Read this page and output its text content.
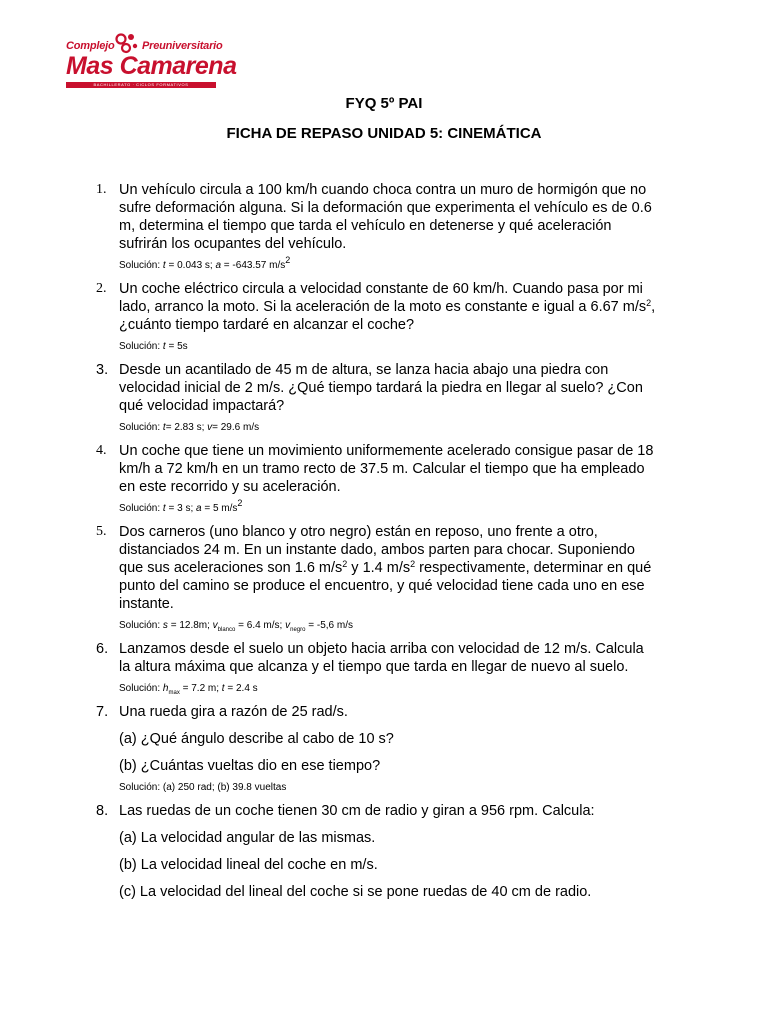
Complejo Preuniversitario
Mas Camarena
BACHILLERATO · CICLOS FORMATIVOS
FYQ 5º PAI
FICHA DE REPASO UNIDAD 5: CINEMÁTICA
1. Un vehículo circula a 100 km/h cuando choca contra un muro de hormigón que no
sufre deformación alguna. Si la deformación que experimenta el vehículo es de 0.6
m, determina el tiempo que tarda el vehículo en detenerse y qué aceleración
sufrirán los ocupantes del vehículo.
Solución: t = 0.043 s; a = -643.57 $m/s^2$
2. Un coche eléctrico circula a velocidad constante de 60 km/h. Cuando pasa por mi
lado, arranco la moto. Si la aceleración de la moto es constante e igual a 6.67 $m/s^2$,
¿cuánto tiempo tardaré en alcanzar el coche?
Solución: t = 5s
3. Desde un acantilado de 45 m de altura, se lanza hacia abajo una piedra con
velocidad inicial de 2 m/s. ¿Qué tiempo tardará la piedra en llegar al suelo? ¿Con
qué velocidad impactará?
Solución: t= 2.83 s; v= 29.6 m/s
4. Un coche que tiene un movimiento uniformemente acelerado consigue pasar de 18
km/h a 72 km/h en un tramo recto de 37.5 m. Calcular el tiempo que ha empleado
en este recorrido y su aceleración.
Solución: t = 3 s; a = 5 $m/s^2$
5. Dos carneros (uno blanco y otro negro) están en reposo, uno frente a otro,
distanciados 24 m. En un instante dado, ambos parten para chocar. Suponiendo
que sus aceleraciones son 1.6 $m/s^2$ y 1.4 $m/s^2$ respectivamente, determinar en qué
punto del camino se produce el encuentro, y qué velocidad tiene cada uno en ese
instante.
Solución: s = 12.8m; $v_{blanco} = 6.4$ m/s; $v_{negro} = -5,6$ m/s
6. Lanzamos desde el suelo un objeto hacia arriba con velocidad de 12 m/s. Calcula
la altura máxima que alcanza y el tiempo que tarda en llegar de nuevo al suelo.
Solución: $h_{max} = 7.2$ m; t = 2.4 s
7. Una rueda gira a razón de 25 rad/s.
(a) ¿Qué ángulo describe al cabo de 10 s?
(b) ¿Cuántas vueltas dio en ese tiempo?
Solución: (a) 250 rad; (b) 39.8 vueltas
8. Las ruedas de un coche tienen 30 cm de radio y giran a 956 rpm. Calcula:
(a) La velocidad angular de las mismas.
(b) La velocidad lineal del coche en m/s.
(c) La velocidad del lineal del coche si se pone ruedas de 40 cm de radio.
